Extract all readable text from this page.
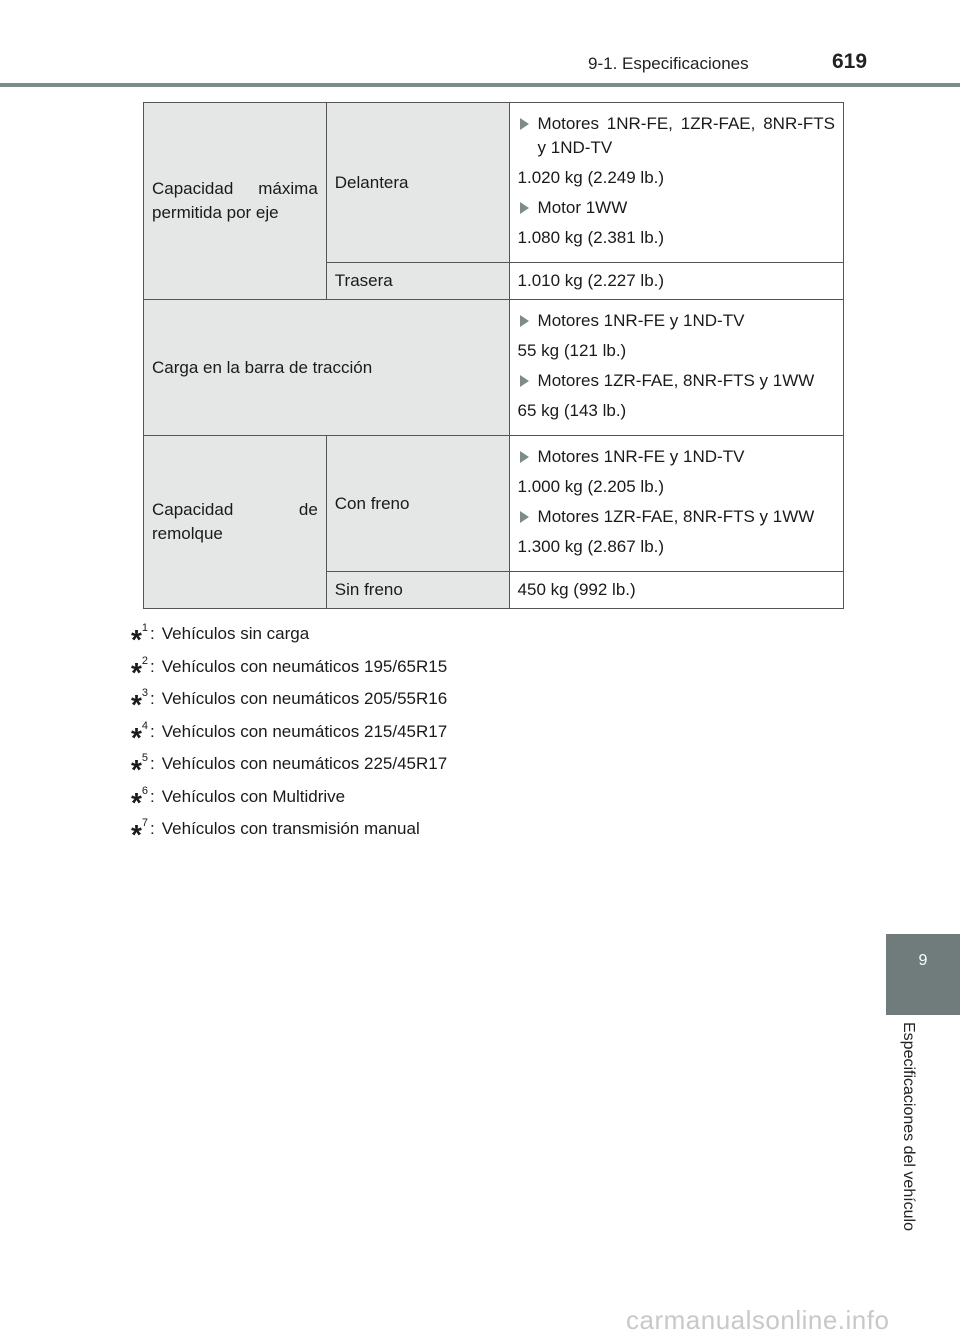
9-1. Especificaciones	619
9
Especificaciones del vehículo
Capacidad máxima permitida por eje	Delantera	Motores 1NR-FE, 1ZR-FAE, 8NR-FTS y 1ND-TV
1.020 kg (2.249 lb.)
Motor 1WW
1.080 kg (2.381 lb.)

	Trasera	1.010 kg (2.227 lb.)
Carga en la barra de tracción		Motores 1NR-FE y 1ND-TV
55 kg (121 lb.)
Motores 1ZR-FAE, 8NR-FTS y 1WW
65 kg (143 lb.)

Capacidad de remolque	Con freno	Motores 1NR-FE y 1ND-TV
1.000 kg (2.205 lb.)
Motores 1ZR-FAE, 8NR-FTS y 1WW
1.300 kg (2.867 lb.)

	Sin freno	450 kg (992 lb.)
*$^1$ : Vehículos sin carga
*$^2$ : Vehículos con neumáticos 195/65R15
*$^3$ : Vehículos con neumáticos 205/55R16
*$^4$ : Vehículos con neumáticos 215/45R17
*$^5$ : Vehículos con neumáticos 225/45R17
*$^6$ : Vehículos con Multidrive
*$^7$ : Vehículos con transmisión manual
carmanualsonline.info
